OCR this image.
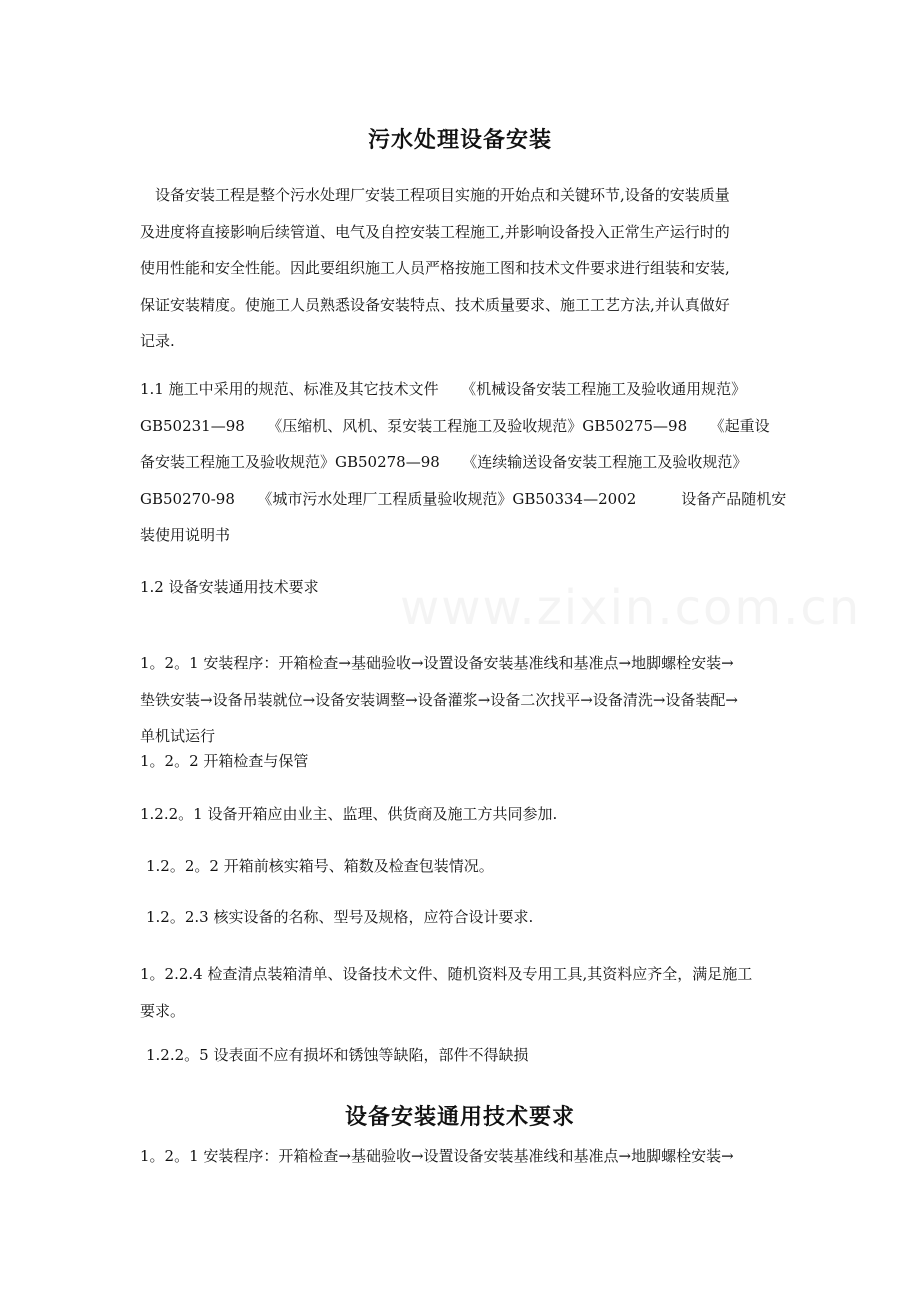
www.zixin.com.cn
污水处理设备安装

　设备安装工程是整个污水处理厂安装工程项目实施的开始点和关键环节,设备的安装质量

及进度将直接影响后续管道、电气及自控安装工程施工,并影响设备投入正常生产运行时的

使用性能和安全性能。因此要组织施工人员严格按施工图和技术文件要求进行组装和安装,

保证安装精度。使施工人员熟悉设备安装特点、技术质量要求、施工工艺方法,并认真做好

记录.

1.1 施工中采用的规范、标准及其它技术文件　　《机械设备安装工程施工及验收通用规范》

GB50231—98　　《压缩机、风机、泵安装工程施工及验收规范》GB50275—98　　《起重设

备安装工程施工及验收规范》GB50278—98　　《连续输送设备安装工程施工及验收规范》

GB50270-98　　《城市污水处理厂工程质量验收规范》GB50334—2002　　　设备产品随机安

装使用说明书

1.2 设备安装通用技术要求

1。2。1 安装程序：开箱检查→基础验收→设置设备安装基准线和基准点→地脚螺栓安装→

垫铁安装→设备吊装就位→设备安装调整→设备灌浆→设备二次找平→设备清洗→设备装配→

单机试运行

1。2。2 开箱检查与保管
1.2.2。1 设备开箱应由业主、监理、供货商及施工方共同参加.
1.2。2。2 开箱前核实箱号、箱数及检查包装情况。
1.2。2.3 核实设备的名称、型号及规格，应符合设计要求.
1。2.2.4 检查清点装箱清单、设备技术文件、随机资料及专用工具,其资料应齐全，满足施工
要求。
1.2.2。5 设表面不应有损坏和锈蚀等缺陷，部件不得缺损
设备安装通用技术要求

1。2。1 安装程序：开箱检查→基础验收→设置设备安装基准线和基准点→地脚螺栓安装→
